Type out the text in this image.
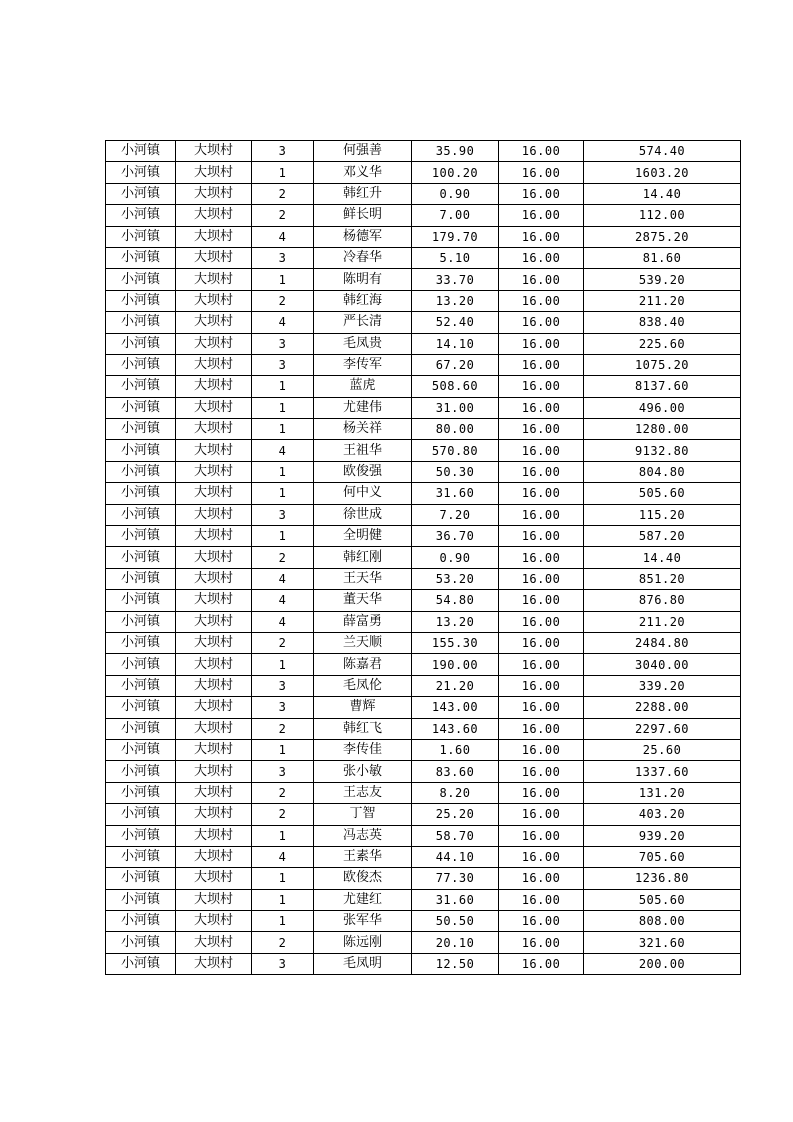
小河镇	大坝村	3	何强善	35.90	16.00	574.40
小河镇	大坝村	1	邓义华	100.20	16.00	1603.20
小河镇	大坝村	2	韩红升	0.90	16.00	14.40
小河镇	大坝村	2	鲜长明	7.00	16.00	112.00
小河镇	大坝村	4	杨德军	179.70	16.00	2875.20
小河镇	大坝村	3	冷春华	5.10	16.00	81.60
小河镇	大坝村	1	陈明有	33.70	16.00	539.20
小河镇	大坝村	2	韩红海	13.20	16.00	211.20
小河镇	大坝村	4	严长清	52.40	16.00	838.40
小河镇	大坝村	3	毛凤贵	14.10	16.00	225.60
小河镇	大坝村	3	李传军	67.20	16.00	1075.20
小河镇	大坝村	1	蓝虎	508.60	16.00	8137.60
小河镇	大坝村	1	尤建伟	31.00	16.00	496.00
小河镇	大坝村	1	杨关祥	80.00	16.00	1280.00
小河镇	大坝村	4	王祖华	570.80	16.00	9132.80
小河镇	大坝村	1	欧俊强	50.30	16.00	804.80
小河镇	大坝村	1	何中义	31.60	16.00	505.60
小河镇	大坝村	3	徐世成	7.20	16.00	115.20
小河镇	大坝村	1	全明健	36.70	16.00	587.20
小河镇	大坝村	2	韩红刚	0.90	16.00	14.40
小河镇	大坝村	4	王天华	53.20	16.00	851.20
小河镇	大坝村	4	董天华	54.80	16.00	876.80
小河镇	大坝村	4	薛富勇	13.20	16.00	211.20
小河镇	大坝村	2	兰天顺	155.30	16.00	2484.80
小河镇	大坝村	1	陈嘉君	190.00	16.00	3040.00
小河镇	大坝村	3	毛凤伦	21.20	16.00	339.20
小河镇	大坝村	3	曹辉	143.00	16.00	2288.00
小河镇	大坝村	2	韩红飞	143.60	16.00	2297.60
小河镇	大坝村	1	李传佳	1.60	16.00	25.60
小河镇	大坝村	3	张小敏	83.60	16.00	1337.60
小河镇	大坝村	2	王志友	8.20	16.00	131.20
小河镇	大坝村	2	丁智	25.20	16.00	403.20
小河镇	大坝村	1	冯志英	58.70	16.00	939.20
小河镇	大坝村	4	王素华	44.10	16.00	705.60
小河镇	大坝村	1	欧俊杰	77.30	16.00	1236.80
小河镇	大坝村	1	尤建红	31.60	16.00	505.60
小河镇	大坝村	1	张军华	50.50	16.00	808.00
小河镇	大坝村	2	陈远刚	20.10	16.00	321.60
小河镇	大坝村	3	毛凤明	12.50	16.00	200.00
